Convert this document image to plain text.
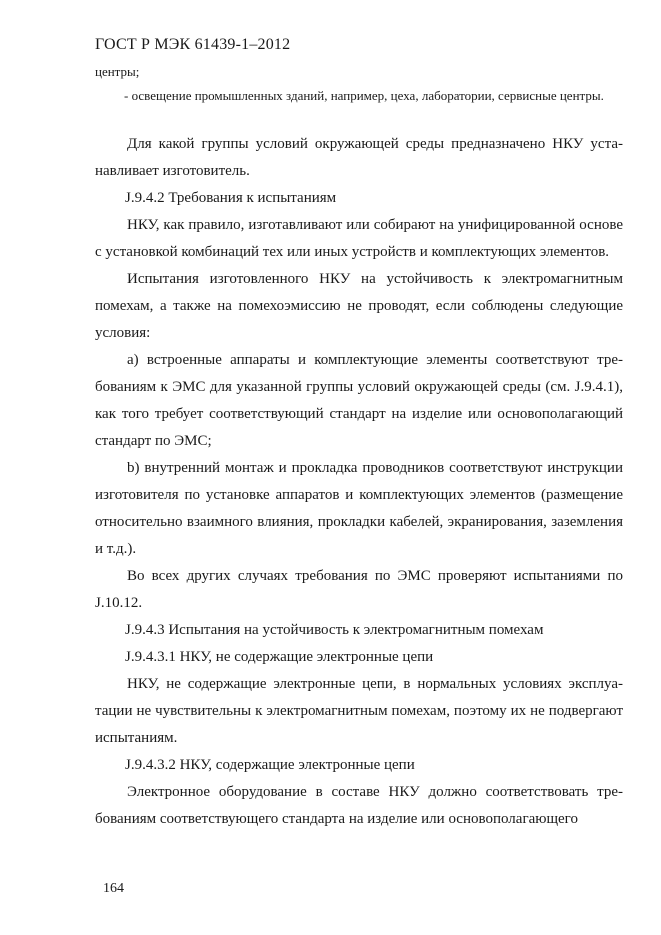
ГОСТ Р МЭК 61439-1–2012
центры;
- освещение промышленных зданий, например, цеха, лаборатории, сервисные центры.

Для какой группы условий окружающей среды предназначено НКУ устанавливает изготовитель.

J.9.4.2 Требования к испытаниям

НКУ, как правило, изготавливают или собирают на унифицированной основе с установкой комбинаций тех или иных устройств и комплектующих элементов.

Испытания изготовленного НКУ на устойчивость к электромагнитным помехам, а также на помехоэмиссию не проводят, если соблюдены следующие условия:

a) встроенные аппараты и комплектующие элементы соответствуют требованиям к ЭМС для указанной группы условий окружающей среды (см. J.9.4.1), как того требует соответствующий стандарт на изделие или основополагающий стандарт по ЭМС;

b) внутренний монтаж и прокладка проводников соответствуют инструкции изготовителя по установке аппаратов и комплектующих элементов (размещение относительно взаимного влияния, прокладки кабелей, экранирования, заземления и т.д.).

Во всех других случаях требования по ЭМС проверяют испытаниями по J.10.12.

J.9.4.3 Испытания на устойчивость к электромагнитным помехам

J.9.4.3.1 НКУ, не содержащие электронные цепи

НКУ, не содержащие электронные цепи, в нормальных условиях эксплуатации не чувствительны к электромагнитным помехам, поэтому их не подвергают испытаниям.

J.9.4.3.2 НКУ, содержащие электронные цепи

Электронное оборудование в составе НКУ должно соответствовать требованиям соответствующего стандарта на изделие или основополагающего

164
